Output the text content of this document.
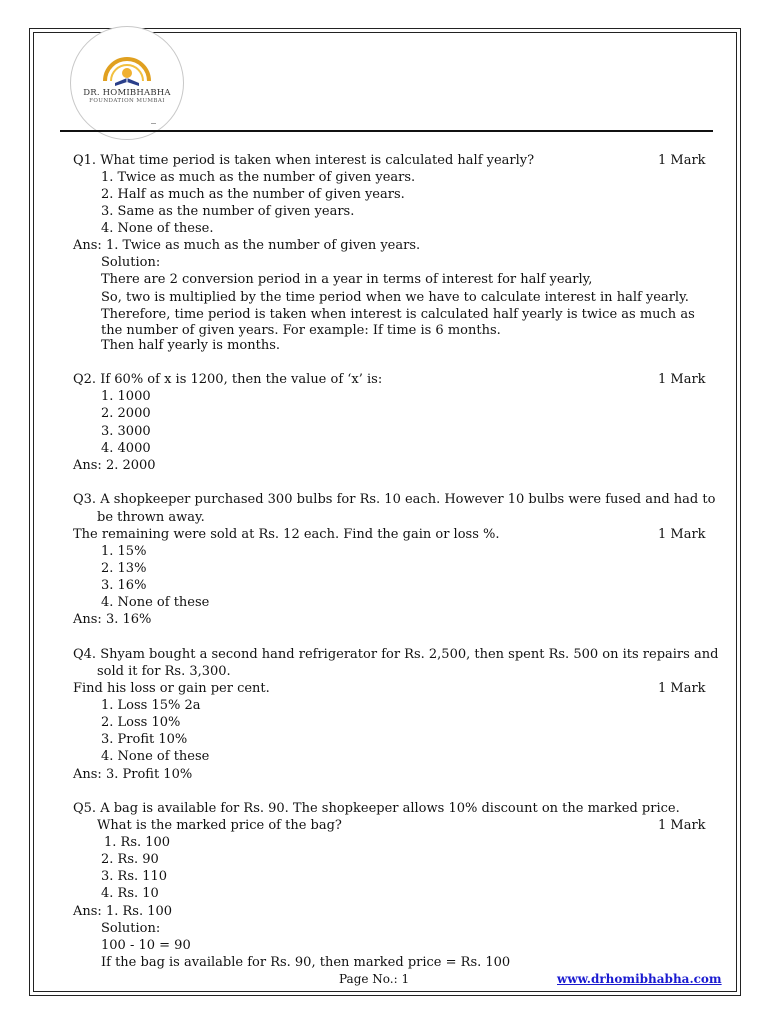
DR. HOMIBHABHA
FOUNDATION MUMBAI
_
Q1. What time period is taken when interest is calculated half yearly?
1. Twice as much as the number of given years.
2. Half as much as the number of given years.
3. Same as the number of given years.
4. None of these.
Ans: 1. Twice as much as the number of given years.
Solution:
There are 2 conversion period in a year in terms of interest for half yearly,
So, two is multiplied by the time period when we have to calculate interest in half yearly.
Therefore, time period is taken when interest is calculated half yearly is twice as much as the number of given years. For example: If time is 6 months.
Then half yearly is months.
Q2. If 60% of x is 1200, then the value of ‘x’ is:
1. 1000
2. 2000
3. 3000
4. 4000
Ans: 2. 2000
Q3. A shopkeeper purchased 300 bulbs for Rs. 10 each. However 10 bulbs were fused and had to
be thrown away.
The remaining were sold at Rs. 12 each. Find the gain or loss %.
1. 15%
2. 13%
3. 16%
4. None of these
Ans: 3. 16%
Q4. Shyam bought a second hand refrigerator for Rs. 2,500, then spent Rs. 500 on its repairs and
sold it for Rs. 3,300.
Find his loss or gain per cent.
1. Loss 15% 2a
2. Loss 10%
3. Profit 10%
4. None of these
Ans: 3. Profit 10%
Q5. A bag is available for Rs. 90. The shopkeeper allows 10% discount on the marked price.
What is the marked price of the bag?
1. Rs. 100
2. Rs. 90
3. Rs. 110
4. Rs. 10
Ans: 1. Rs. 100
Solution:
100 - 10 = 90
If the bag is available for Rs. 90, then marked price = Rs. 100
1 Mark
1 Mark
1 Mark
1 Mark
1 Mark
Page No.: 1	www.drhomibhabha.com
